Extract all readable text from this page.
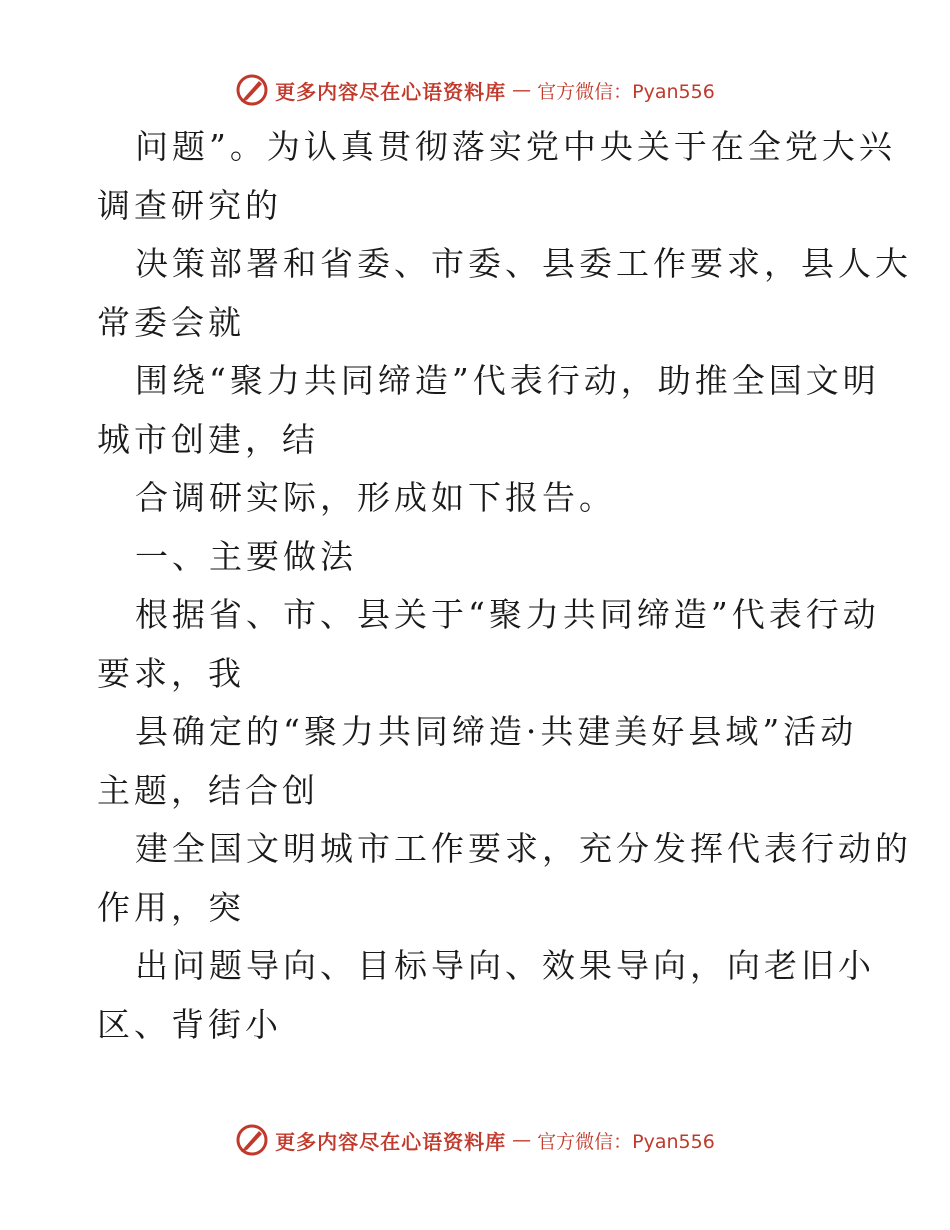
更多内容尽在心语资料库 — 官方微信：Pyan556
问题”。为认真贯彻落实党中央关于在全党大兴
调查研究的
决策部署和省委、市委、县委工作要求，县人大
常委会就
围绕“聚力共同缔造”代表行动，助推全国文明
城市创建，结
合调研实际，形成如下报告。
一、主要做法
根据省、市、县关于“聚力共同缔造”代表行动
要求，我
县确定的“聚力共同缔造·共建美好县域”活动
主题，结合创
建全国文明城市工作要求，充分发挥代表行动的
作用，突
出问题导向、目标导向、效果导向，向老旧小
区、背街小
更多内容尽在心语资料库 — 官方微信：Pyan556
